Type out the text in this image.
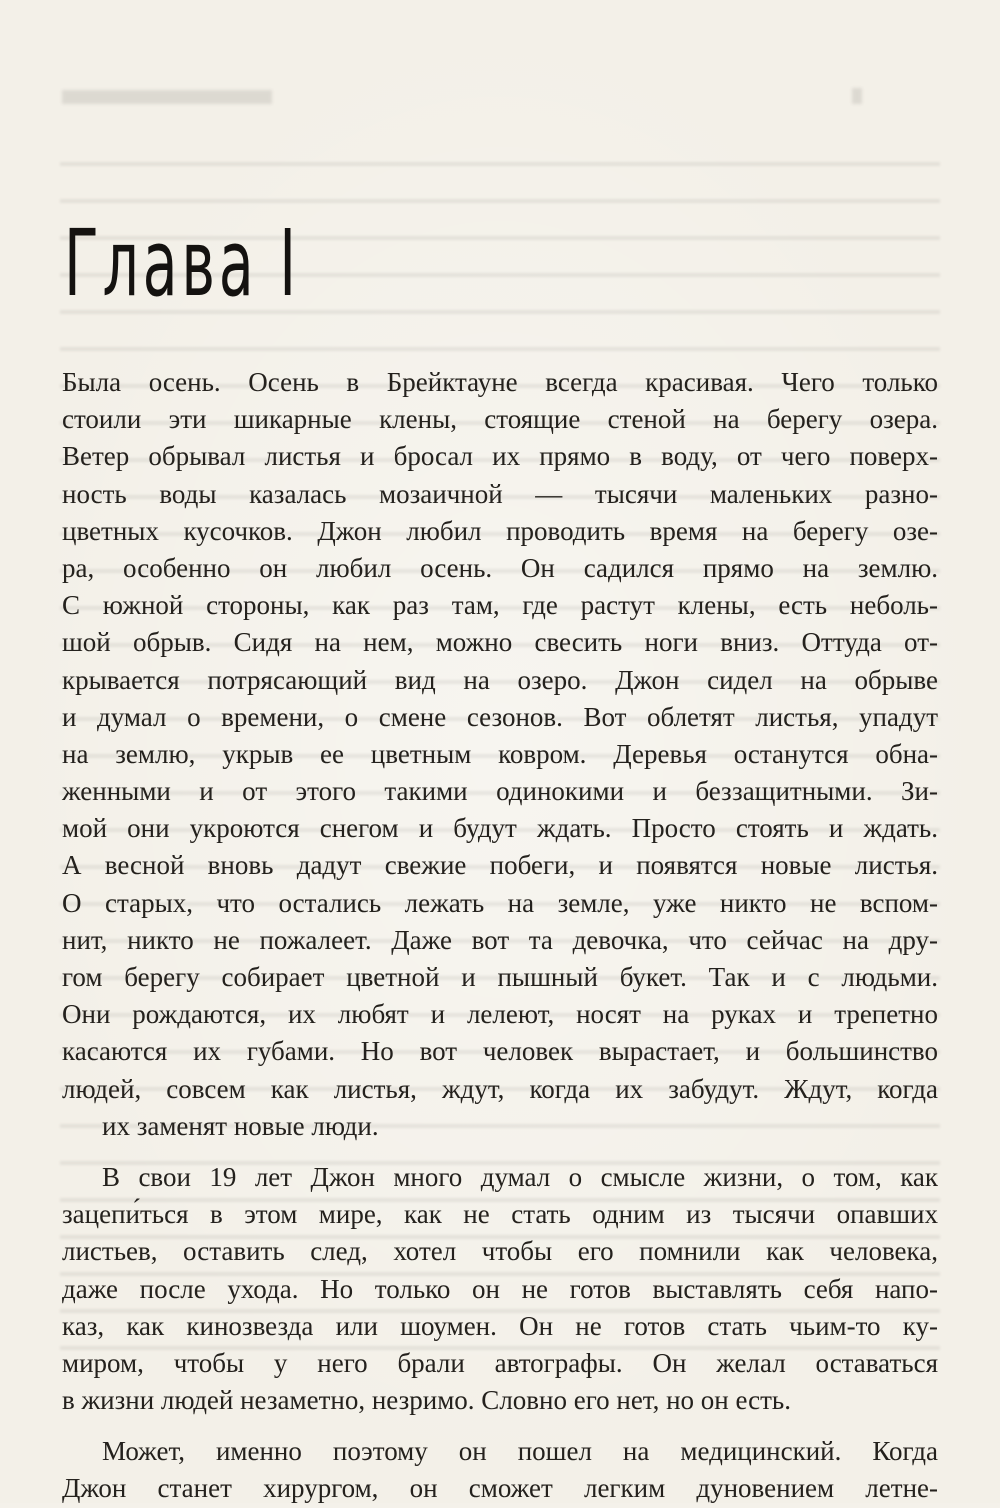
Глава I

Была осень. Осень в Брейктауне всегда красивая. Чего только
стоили эти шикарные клены, стоящие стеной на берегу озера.
Ветер обрывал листья и бросал их прямо в воду, от чего поверх-
ность воды казалась мозаичной — тысячи маленьких разно-
цветных кусочков. Джон любил проводить время на берегу озе-
ра, особенно он любил осень. Он садился прямо на землю.
С южной стороны, как раз там, где растут клены, есть неболь-
шой обрыв. Сидя на нем, можно свесить ноги вниз. Оттуда от-
крывается потрясающий вид на озеро. Джон сидел на обрыве
и думал о времени, о смене сезонов. Вот облетят листья, упадут
на землю, укрыв ее цветным ковром. Деревья останутся обна-
женными и от этого такими одинокими и беззащитными. Зи-
мой они укроются снегом и будут ждать. Просто стоять и ждать.
А весной вновь дадут свежие побеги, и появятся новые листья.
О старых, что остались лежать на земле, уже никто не вспом-
нит, никто не пожалеет. Даже вот та девочка, что сейчас на дру-
гом берегу собирает цветной и пышный букет. Так и с людьми.
Они рождаются, их любят и лелеют, носят на руках и трепетно
касаются их губами. Но вот человек вырастает, и большинство
людей, совсем как листья, ждут, когда их забудут. Ждут, когда
их заменят новые люди.

В свои 19 лет Джон много думал о смысле жизни, о том, как
зацепи́ться в этом мире, как не стать одним из тысячи опавших
листьев, оставить след, хотел чтобы его помнили как человека,
даже после ухода. Но только он не готов выставлять себя напо-
каз, как кинозвезда или шоумен. Он не готов стать чьим-то ку-
миром, чтобы у него брали автографы. Он желал оставаться
в жизни людей незаметно, незримо. Словно его нет, но он есть.

Может, именно поэтому он пошел на медицинский. Когда
Джон станет хирургом, он сможет легким дуновением летне-
